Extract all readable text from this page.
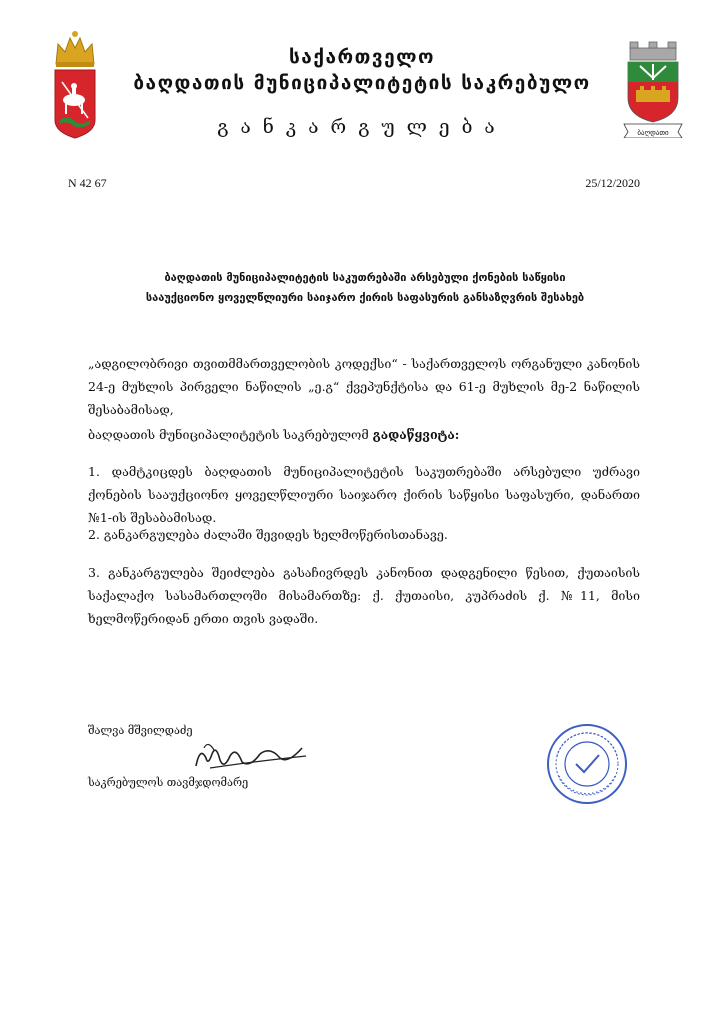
საქართველო
ბაღდათის მუნიციპალიტეტის საკრებულო
განკარგულება	ბაღდათი
N 42 67	25/12/2020
ბაღდათის მუნიციპალიტეტის საკუთრებაში არსებული ქონების საწყისი
სააუქციონო ყოველწლიური საიჯარო ქირის საფასურის განსაზღვრის შესახებ
„ადგილობრივი თვითმმართველობის კოდექსი“ - საქართველოს ორგანული კანონის 24-ე მუხლის პირველი ნაწილის „ე.გ“ ქვეპუნქტისა და 61-ე მუხლის მე-2 ნაწილის შესაბამისად,
ბაღდათის მუნიციპალიტეტის საკრებულომ გადაწყვიტა:
1. დამტკიცდეს ბაღდათის მუნიციპალიტეტის საკუთრებაში არსებული უძრავი ქონების სააუქციონო ყოველწლიური საიჯარო ქირის საწყისი საფასური, დანართი №1-ის შესაბამისად.
2. განკარგულება ძალაში შევიდეს ხელმოწერისთანავე.
3. განკარგულება შეიძლება გასაჩივრდეს კანონით დადგენილი წესით, ქუთაისის საქალაქო სასამართლოში მისამართზე: ქ. ქუთაისი, კუპრაძის ქ. №11, მისი ხელმოწერიდან ერთი თვის ვადაში.
შალვა მშვილდაძე
საკრებულოს თავმჯდომარე
